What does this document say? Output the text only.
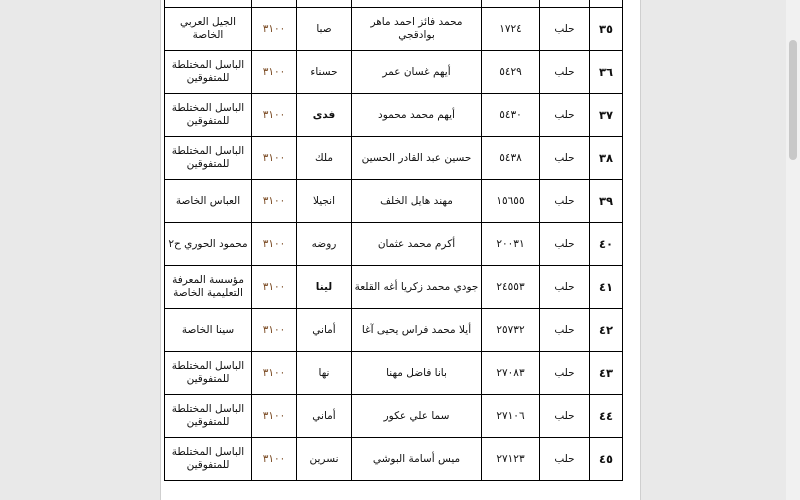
٣٥	حلب	١٧٢٤	محمد فائز احمد ماهر بوادقجي	صبا	٣١٠٠	الجيل العربي الخاصة
٣٦	حلب	٥٤٢٩	أيهم غسان عمر	حسناء	٣١٠٠	الباسل المختلطة للمتفوقين
٣٧	حلب	٥٤٣٠	أيهم محمد محمود	فدى	٣١٠٠	الباسل المختلطة للمتفوقين
٣٨	حلب	٥٤٣٨	حسين عبد القادر الحسين	ملك	٣١٠٠	الباسل المختلطة للمتفوقين
٣٩	حلب	١٥٦٥٥	مهند هايل الخلف	انجيلا	٣١٠٠	العباس الخاصة
٤٠	حلب	٢٠٠٣١	أكرم محمد عثمان	روضه	٣١٠٠	محمود الحوري ح٢
٤١	حلب	٢٤٥٥٣	جودي محمد زكريا أغه القلعة	لينا	٣١٠٠	مؤسسة المعرفة التعليمية الخاصة
٤٢	حلب	٢٥٧٣٢	أيلا محمد فراس يحيى آغا	أماني	٣١٠٠	سينا الخاصة
٤٣	حلب	٢٧٠٨٣	بانا فاضل مهنا	نها	٣١٠٠	الباسل المختلطة للمتفوقين
٤٤	حلب	٢٧١٠٦	سما علي عكور	أماني	٣١٠٠	الباسل المختلطة للمتفوقين
٤٥	حلب	٢٧١٢٣	ميس أسامة البوشي	نسرين	٣١٠٠	الباسل المختلطة للمتفوقين
